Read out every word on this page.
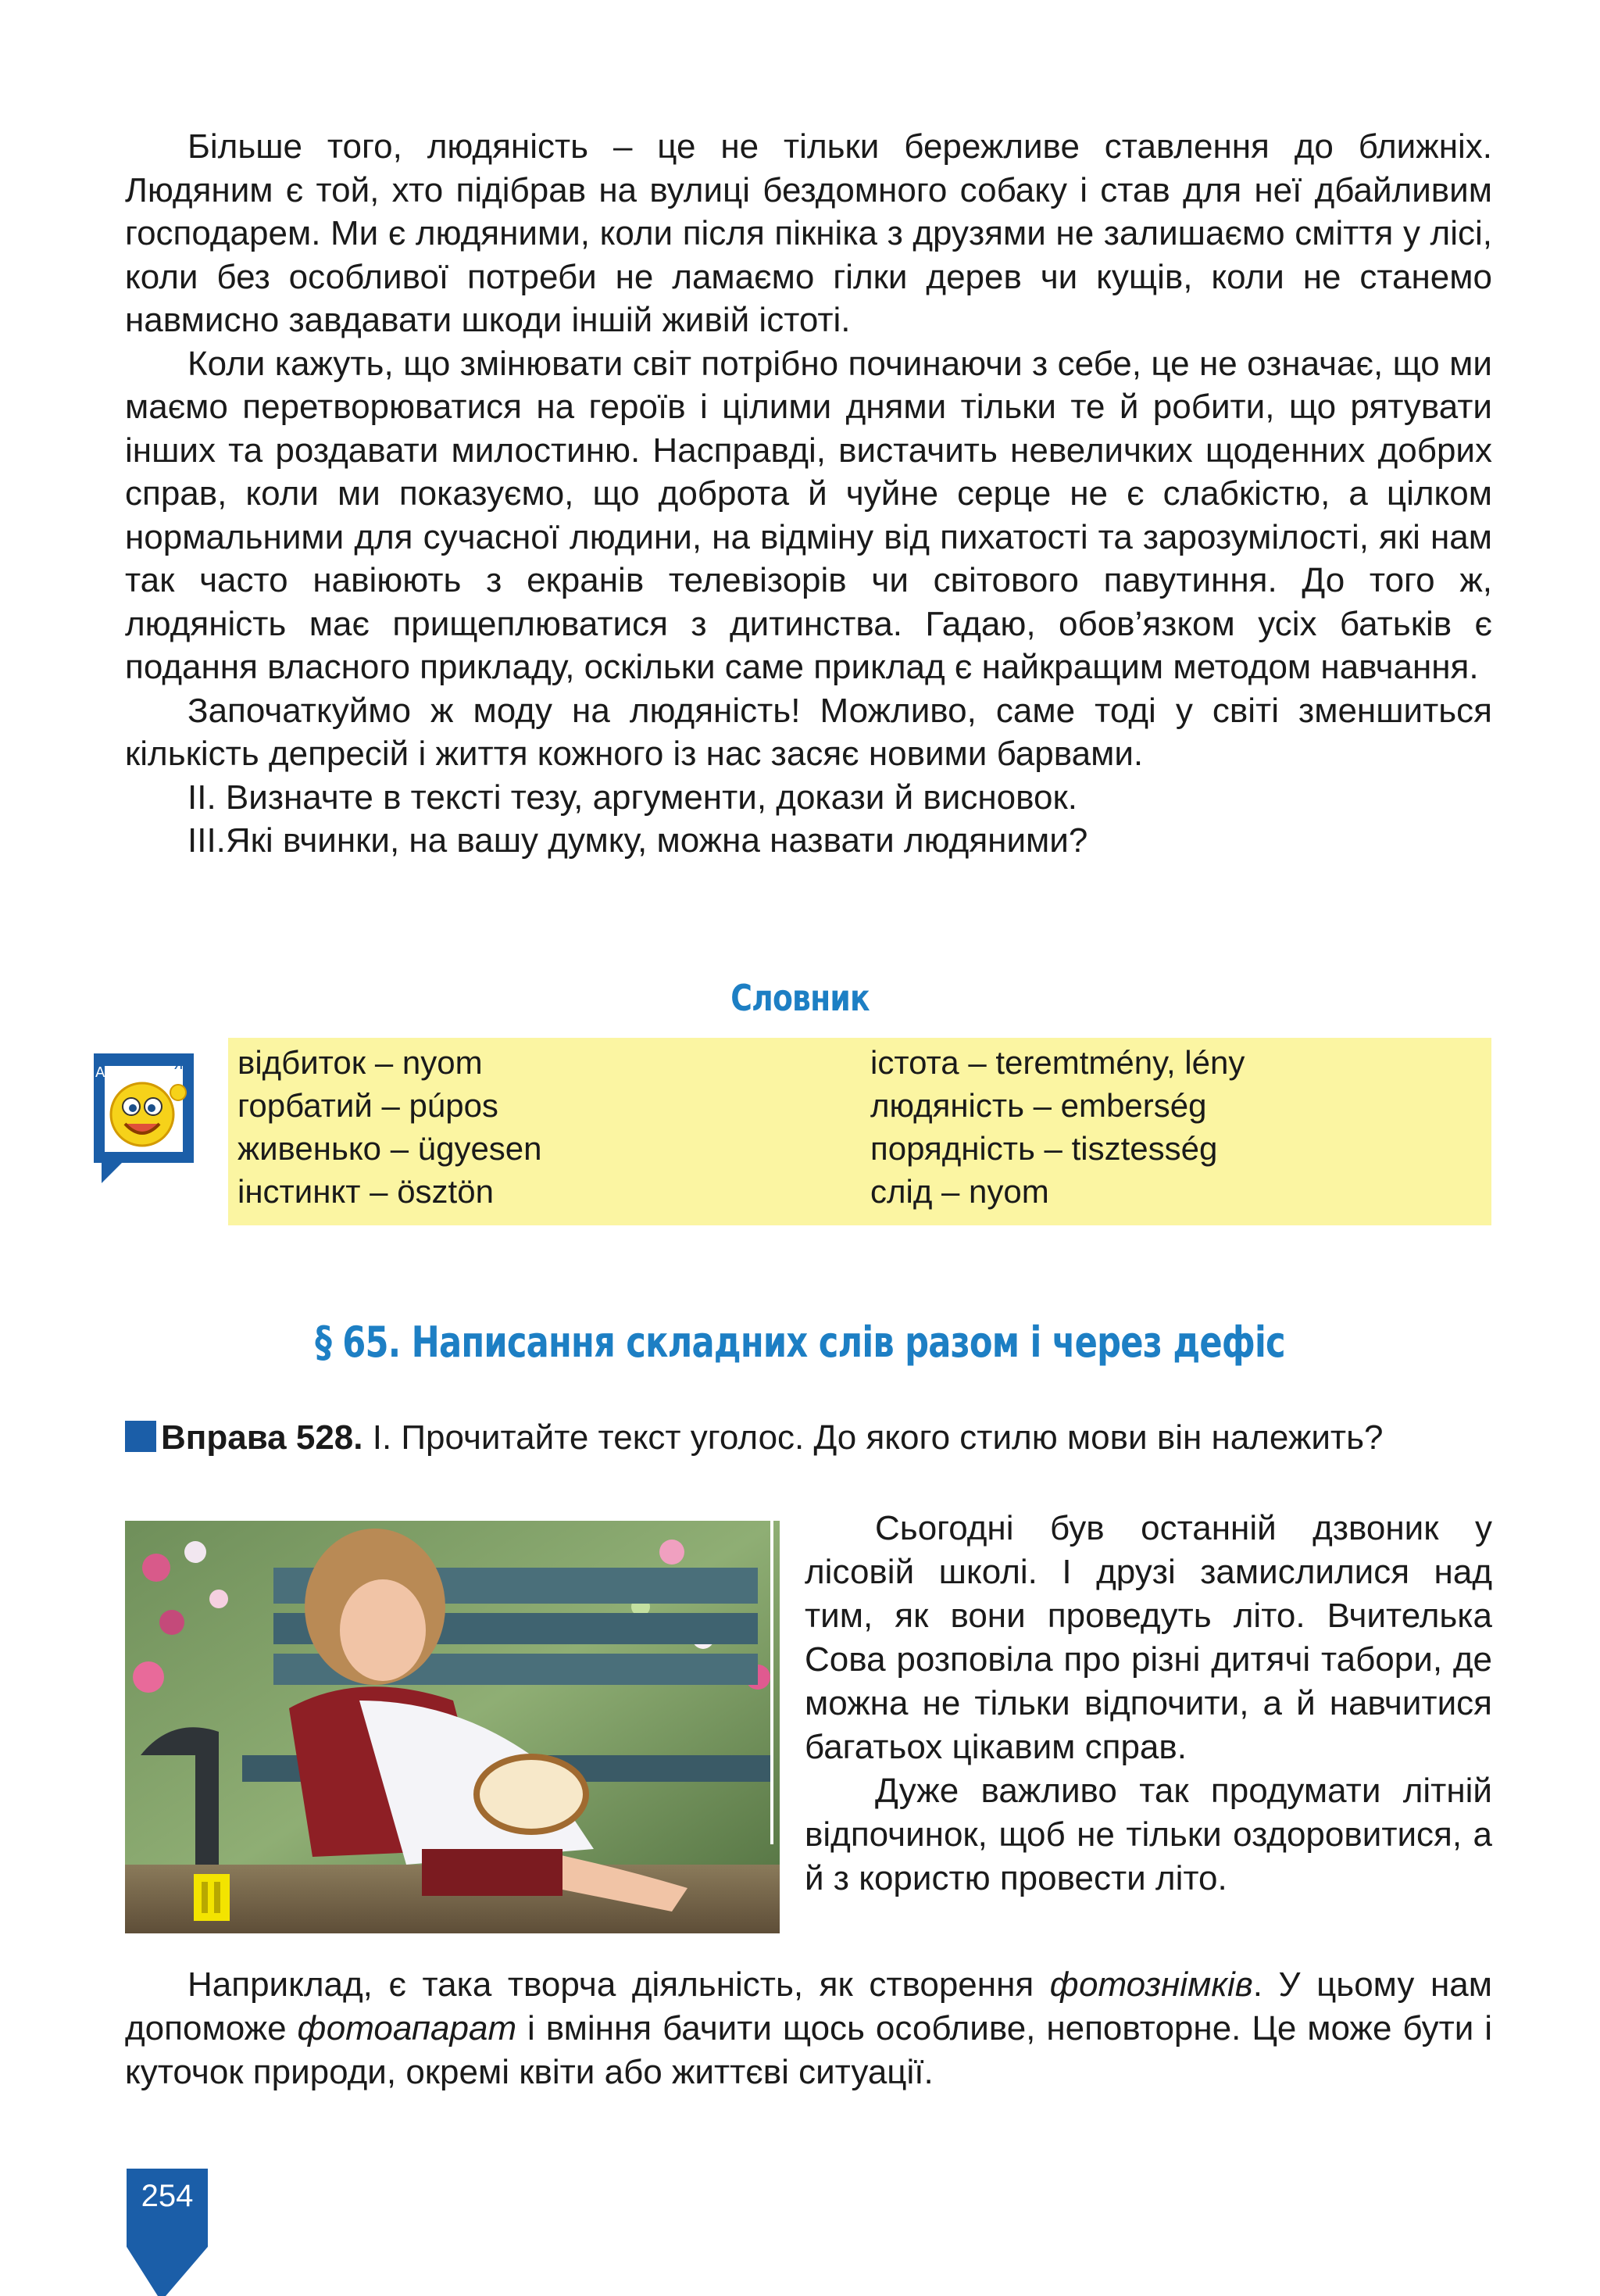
Більше того, людяність – це не тільки бережливе ставлення до ближніх. Людяним є той, хто підібрав на вулиці бездомного собаку і став для неї дбайливим господарем. Ми є людяними, коли після пікніка з друзями не залишаємо сміття у лісі, коли без особливої потреби не ламаємо гілки дерев чи кущів, коли не станемо навмисно завдавати шкоди іншій живій істоті.

Коли кажуть, що змінювати світ потрібно починаючи з себе, це не означає, що ми маємо перетворюватися на героїв і цілими днями тільки те й робити, що рятувати інших та роздавати милостиню. Насправді, вистачить невеличких щоденних добрих справ, коли ми показуємо, що доброта й чуйне серце не є слабкістю, а цілком нормальними для сучасної людини, на відміну від пихатості та зарозумілості, які нам так часто навіюють з екранів телевізорів чи світового павутиння. До того ж, людяність має прищеплюватися з дитинства. Гадаю, обов’язком усіх батьків є подання власного прикладу, оскільки саме приклад є найкращим методом навчання.

Започаткуймо ж моду на людяність! Можливо, саме тоді у світі зменшиться кількість депресій і життя кожного із нас засяє новими барвами.

II. Визначте в тексті тезу, аргументи, докази й висновок.

III.Які вчинки, на вашу думку, можна назвати людяними?

Словник
А	Я відбиток – nyom
горбатий – púpos
живенько – ügyesen
інстинкт – ösztön
істота – teremtmény, lény
людяність – emberség
порядність – tisztesség
слід – nyom
§ 65. Написання складних слів разом і через дефіс
Вправа 528. І. Прочитайте текст уголос. До якого стилю мови він належить?

Сьогодні був останній дзвоник у лісовій школі. І друзі замислилися над тим, як вони проведуть літо. Вчителька Сова розповіла про різні дитячі табори, де можна не тільки відпочити, а й навчитися багатьох цікавим справ.

Дуже важливо так продумати літній відпочинок, щоб не тільки оздоровитися, а й з користю провести літо.

Наприклад, є така творча діяльність, як створення фотознімків. У цьому нам допоможе фотоапарат і вміння бачити щось особливе, неповторне. Це може бути і куточок природи, окремі квіти або життєві ситуації.

254
